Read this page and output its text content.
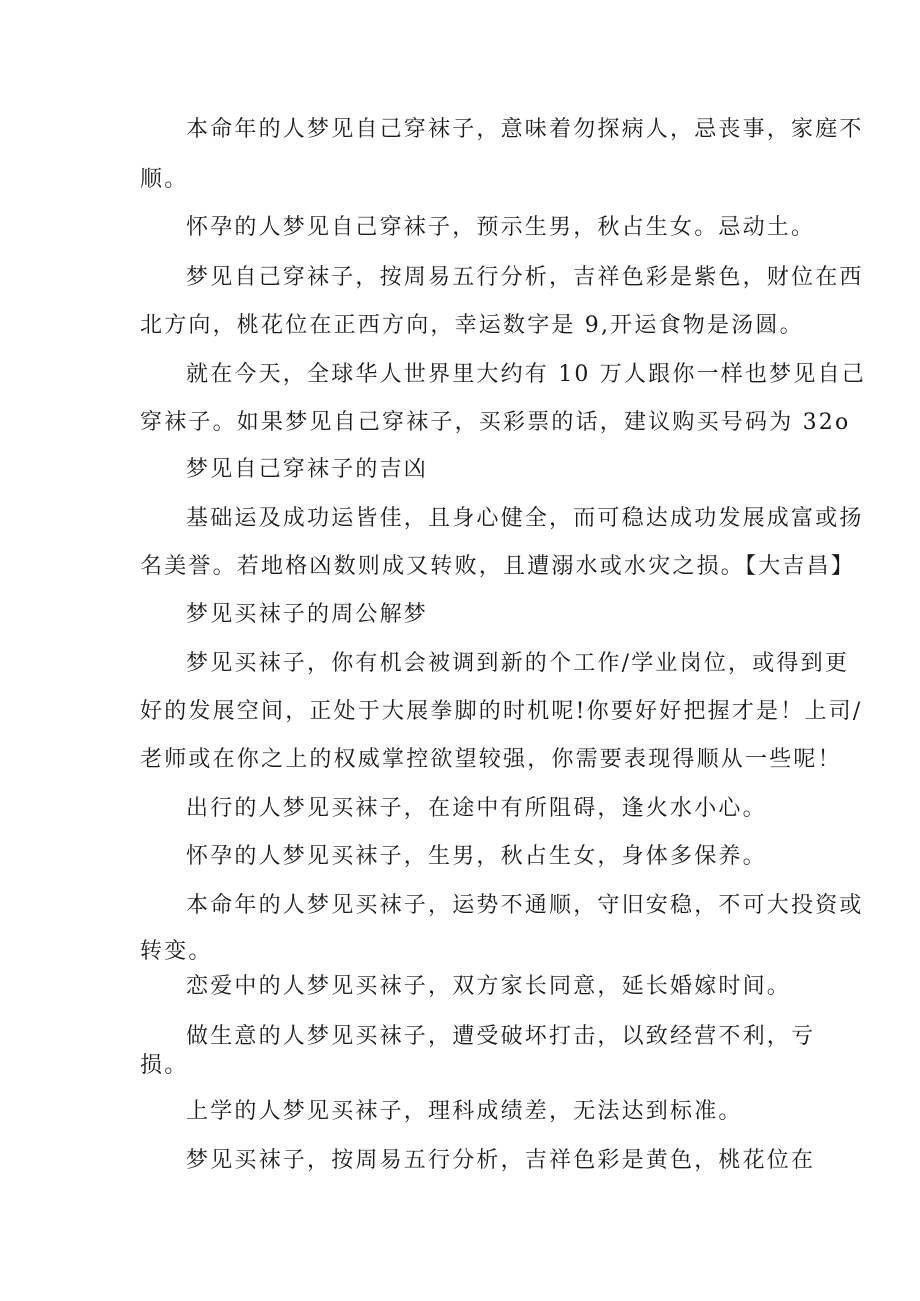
本命年的人梦见自己穿袜子，意味着勿探病人，忌丧事，家庭不

顺。

怀孕的人梦见自己穿袜子，预示生男，秋占生女。忌动土。

梦见自己穿袜子，按周易五行分析，吉祥色彩是紫色，财位在西

北方向，桃花位在正西方向，幸运数字是 9,开运食物是汤圆。

就在今天，全球华人世界里大约有 10 万人跟你一样也梦见自己

穿袜子。如果梦见自己穿袜子，买彩票的话，建议购买号码为 32o

梦见自己穿袜子的吉凶

基础运及成功运皆佳，且身心健全，而可稳达成功发展成富或扬

名美誉。若地格凶数则成又转败，且遭溺水或水灾之损。【大吉昌】

梦见买袜子的周公解梦

梦见买袜子，你有机会被调到新的个工作/学业岗位，或得到更

好的发展空间，正处于大展拳脚的时机呢!你要好好把握才是！上司/

老师或在你之上的权威掌控欲望较强，你需要表现得顺从一些呢！

出行的人梦见买袜子，在途中有所阻碍，逢火水小心。

怀孕的人梦见买袜子，生男，秋占生女，身体多保养。

本命年的人梦见买袜子，运势不通顺，守旧安稳，不可大投资或

转变。

恋爱中的人梦见买袜子，双方家长同意，延长婚嫁时间。

做生意的人梦见买袜子，遭受破坏打击，以致经营不利，亏

损。

上学的人梦见买袜子，理科成绩差，无法达到标准。

梦见买袜子，按周易五行分析，吉祥色彩是黄色，桃花位在
